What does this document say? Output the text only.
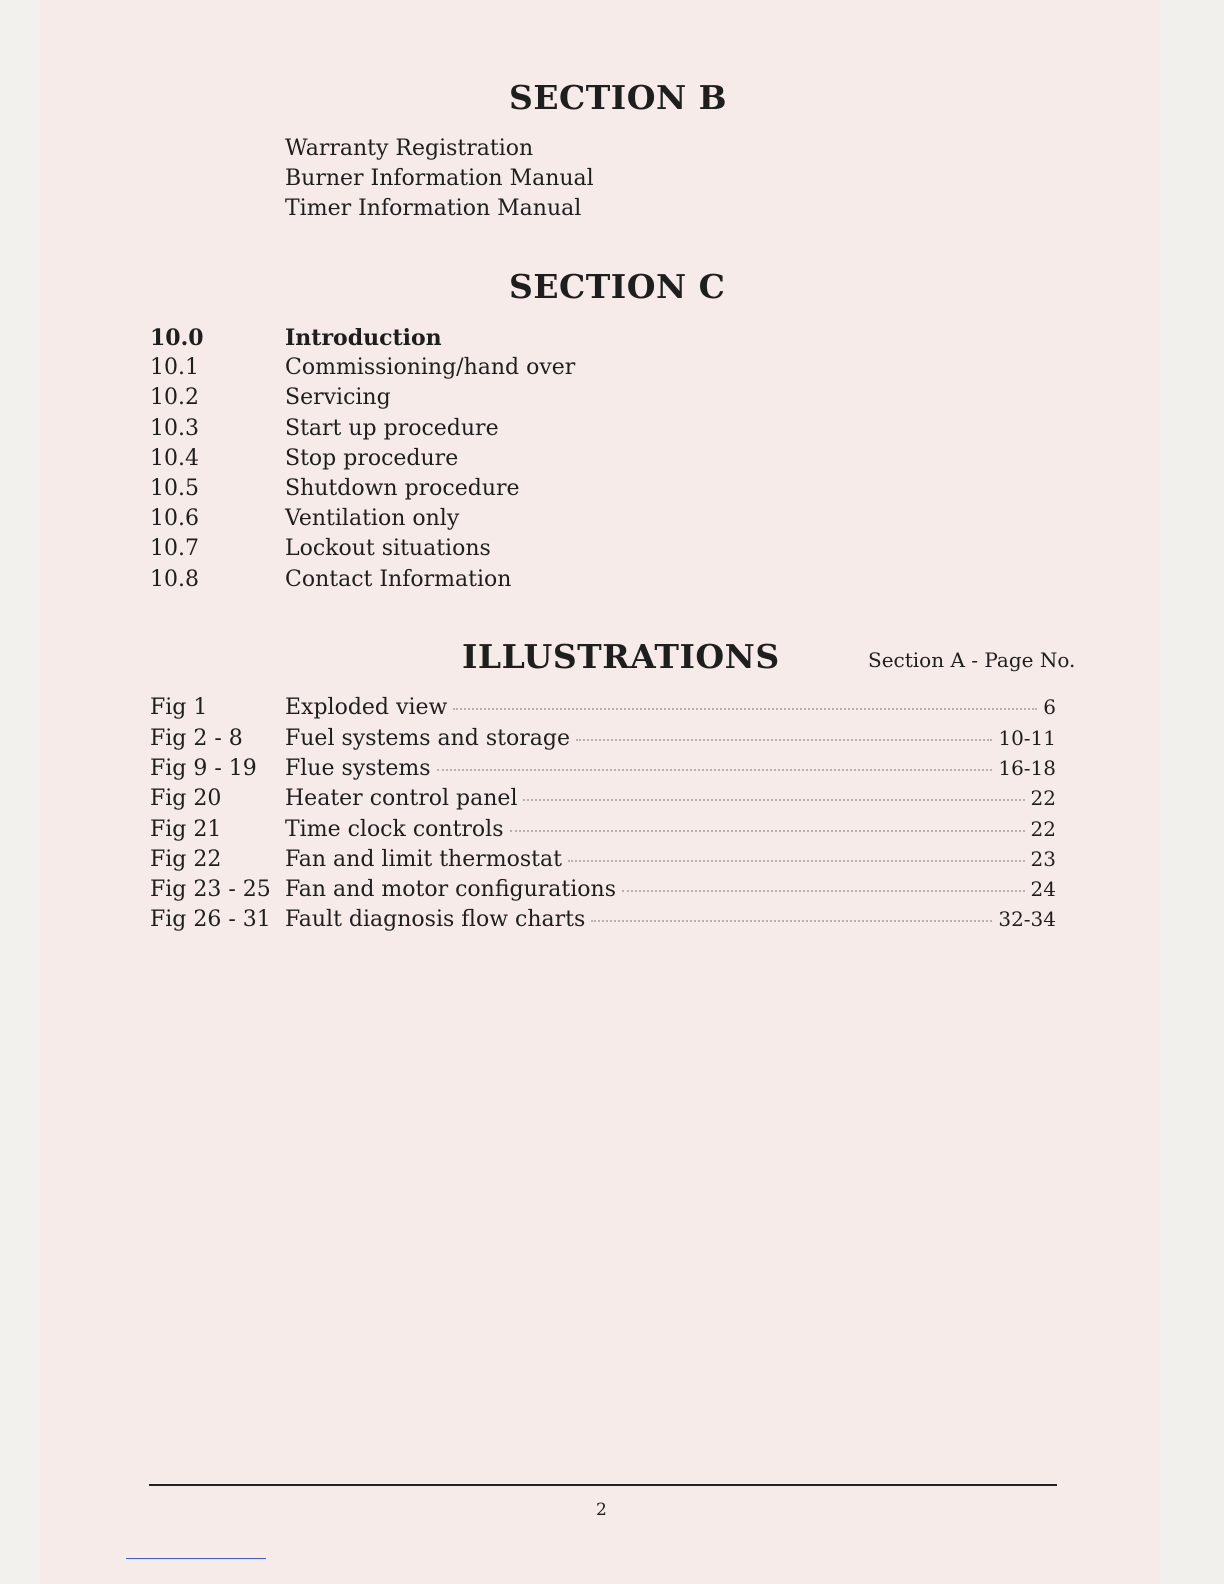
SECTION B
Warranty Registration
Burner Information Manual
Timer Information Manual
SECTION C
10.0	Introduction
10.1	Commissioning/hand over
10.2	Servicing
10.3	Start up procedure
10.4	Stop procedure
10.5	Shutdown procedure
10.6	Ventilation only
10.7	Lockout situations
10.8	Contact Information
ILLUSTRATIONS	Section A - Page No.
Fig 1	Exploded view	6
Fig 2 - 8 Fuel systems and storage	10-11
Fig 9 - 19 Flue systems	16-18
Fig 20	Heater control panel	22
Fig 21	Time clock controls	22
Fig 22	Fan and limit thermostat	23
Fig 23 - 25 Fan and motor configurations	24
Fig 26 - 31 Fault diagnosis flow charts	32-34
2
